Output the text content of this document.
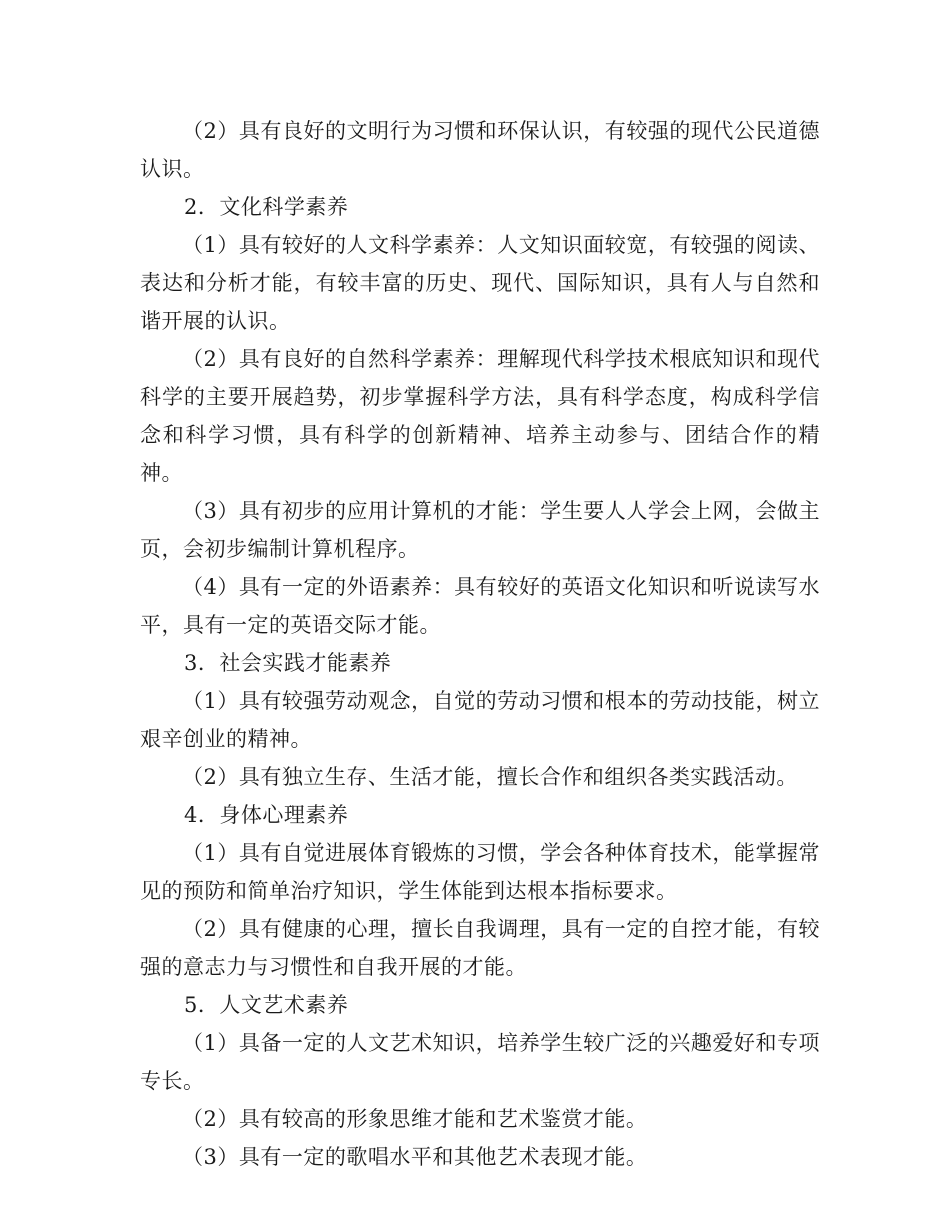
（2）具有良好的文明行为习惯和环保认识，有较强的现代公民道德认识。

2．文化科学素养

（1）具有较好的人文科学素养：人文知识面较宽，有较强的阅读、表达和分析才能，有较丰富的历史、现代、国际知识，具有人与自然和谐开展的认识。

（2）具有良好的自然科学素养：理解现代科学技术根底知识和现代科学的主要开展趋势，初步掌握科学方法，具有科学态度，构成科学信念和科学习惯，具有科学的创新精神、培养主动参与、团结合作的精神。

（3）具有初步的应用计算机的才能：学生要人人学会上网，会做主页，会初步编制计算机程序。

（4）具有一定的外语素养：具有较好的英语文化知识和听说读写水平，具有一定的英语交际才能。

3．社会实践才能素养

（1）具有较强劳动观念，自觉的劳动习惯和根本的劳动技能，树立艰辛创业的精神。

（2）具有独立生存、生活才能，擅长合作和组织各类实践活动。

4．身体心理素养

（1）具有自觉进展体育锻炼的习惯，学会各种体育技术，能掌握常见的预防和简单治疗知识，学生体能到达根本指标要求。

（2）具有健康的心理，擅长自我调理，具有一定的自控才能，有较强的意志力与习惯性和自我开展的才能。

5．人文艺术素养

（1）具备一定的人文艺术知识，培养学生较广泛的兴趣爱好和专项专长。

（2）具有较高的形象思维才能和艺术鉴赏才能。

（3）具有一定的歌唱水平和其他艺术表现才能。
